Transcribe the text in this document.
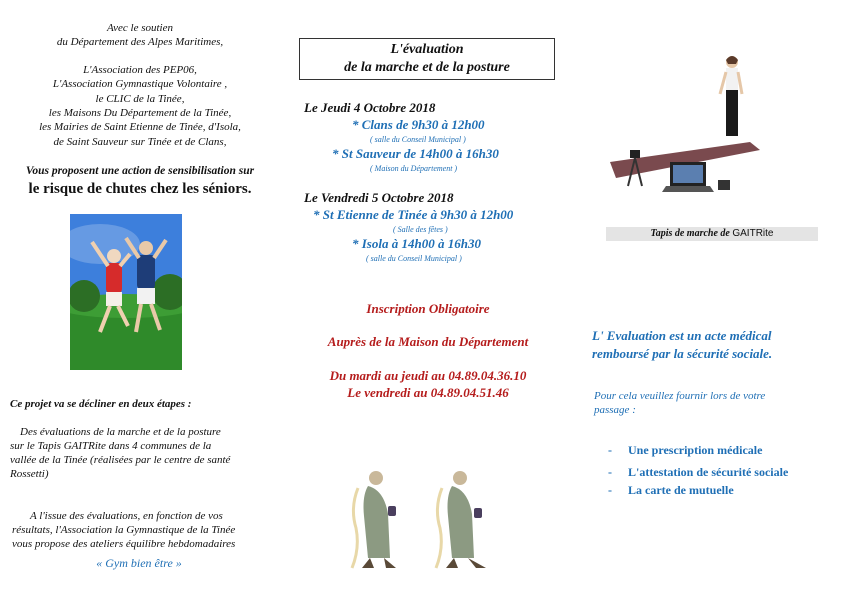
Avec le soutien
du Département des Alpes Maritimes,
L'Association des PEP06,
L'Association Gymnastique Volontaire ,
le CLIC de la Tinée,
les Maisons Du Département de la Tinée,
les Mairies de Saint Etienne de Tinée, d'Isola,
de Saint Sauveur sur Tinée et de Clans,
Vous proposent une action de sensibilisation sur
le risque de chutes chez les séniors.
Ce projet va se décliner en deux étapes :
Des évaluations de la marche et de la posture
sur le Tapis GAITRite dans 4 communes de la
vallée de la Tinée (réalisées par le centre de santé
Rossetti)
A l'issue des évaluations, en fonction de vos
résultats, l'Association la Gymnastique de la Tinée
vous propose des ateliers équilibre hebdomadaires
« Gym bien être »
L'évaluation
de la marche et de la posture
Le Jeudi 4 Octobre 2018
* Clans de 9h30 à 12h00
( salle du Conseil Municipal )
* St Sauveur de 14h00 à 16h30
( Maison du Département )
Le Vendredi 5 Octobre 2018
* St Etienne de Tinée à 9h30 à 12h00
( Salle des fêtes )
* Isola à 14h00 à 16h30
( salle du Conseil Municipal )
Inscription Obligatoire
Auprès de la Maison du Département
Du mardi au jeudi au 04.89.04.36.10
Le vendredi au 04.89.04.51.46
Tapis de marche de GAITRite
L' Evaluation est un acte médical
remboursé par la sécurité sociale.
Pour cela veuillez fournir lors de votre
passage :
- Une prescription médicale
- L'attestation de sécurité sociale
- La carte de mutuelle
